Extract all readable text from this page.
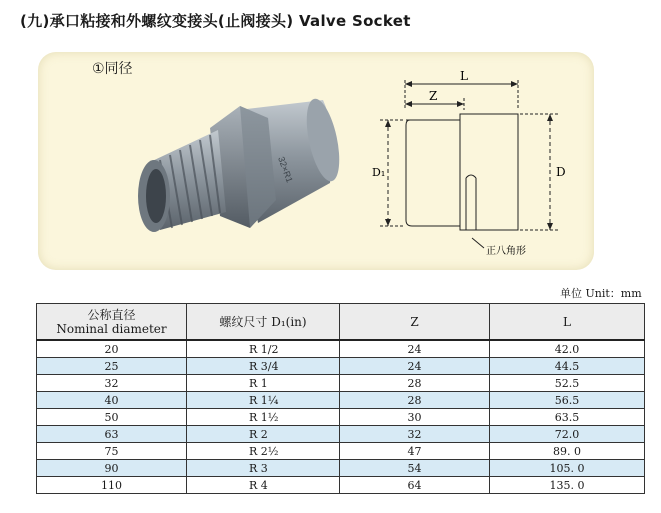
(九)承口粘接和外螺纹变接头(止阀接头) Valve Socket
①同径
32×R1
L
Z
D₁	D
正八角形
单位 Unit：mm
公称直径
Nominal diameter	螺纹尺寸 D₁(in)	Z	L
20	R 1/2	24	42.0
25	R 3/4	24	44.5
32	R 1	28	52.5
40	R 1¼	28	56.5
50	R 1½	30	63.5
63	R 2	32	72.0
75	R 2½	47	89. 0
90	R 3	54	105. 0
110	R 4	64	135. 0
